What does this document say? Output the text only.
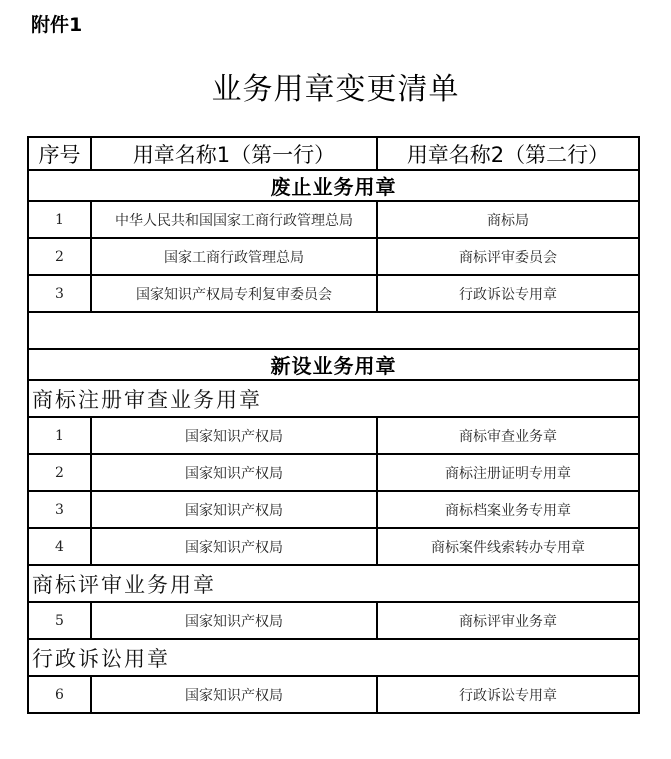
附件1
业务用章变更清单
序号	用章名称1（第一行）	用章名称2（第二行）
废止业务用章		
1	中华人民共和国国家工商行政管理总局	商标局
2	国家工商行政管理总局	商标评审委员会
3	国家知识产权局专利复审委员会	行政诉讼专用章

新设业务用章		
商标注册审查业务用章		
1	国家知识产权局	商标审查业务章
2	国家知识产权局	商标注册证明专用章
3	国家知识产权局	商标档案业务专用章
4	国家知识产权局	商标案件线索转办专用章
商标评审业务用章		
5	国家知识产权局	商标评审业务章
行政诉讼用章		
6	国家知识产权局	行政诉讼专用章
